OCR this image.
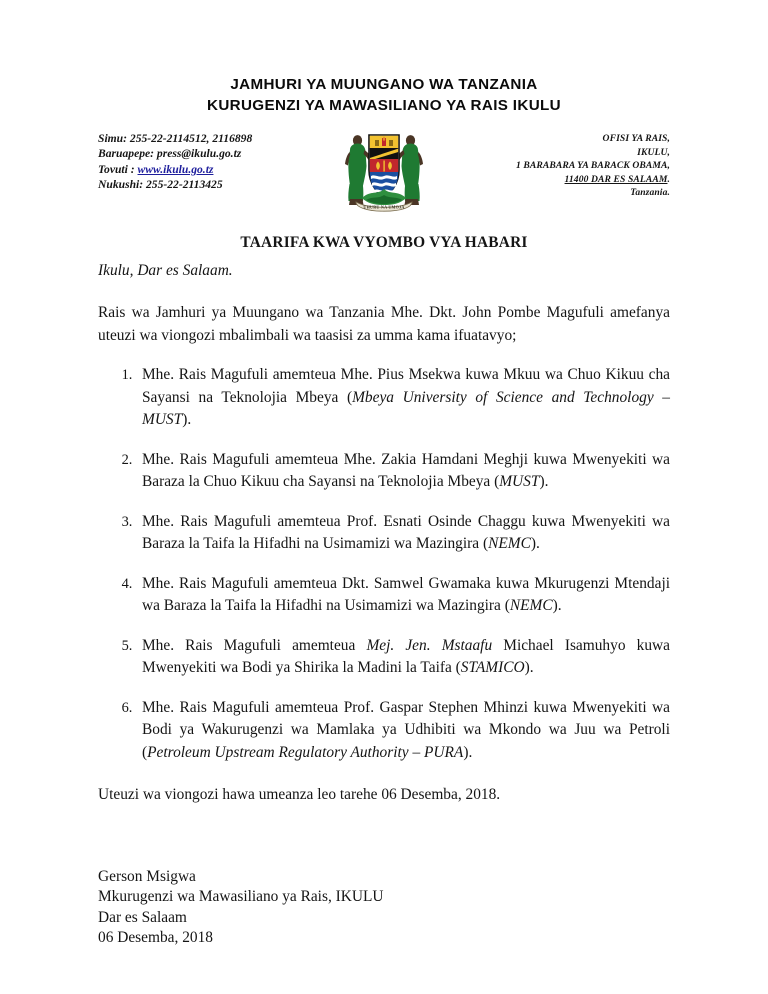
JAMHURI YA MUUNGANO WA TANZANIA
KURUGENZI YA MAWASILIANO YA RAIS IKULU
Simu: 255-22-2114512, 2116898
Baruapepe: press@ikulu.go.tz
Tovuti : www.ikulu.go.tz
Nukushi: 255-22-2113425
UHURU NA UMOJA
OFISI YA RAIS,
IKULU,
1 BARABARA YA BARACK OBAMA,
11400 DAR ES SALAAM.
Tanzania.
TAARIFA KWA VYOMBO VYA HABARI
Ikulu, Dar es Salaam.

Rais wa Jamhuri ya Muungano wa Tanzania Mhe. Dkt. John Pombe Magufuli amefanya uteuzi wa viongozi mbalimbali wa taasisi za umma kama ifuatavyo;

1. Mhe. Rais Magufuli amemteua Mhe. Pius Msekwa kuwa Mkuu wa Chuo Kikuu cha Sayansi na Teknolojia Mbeya (Mbeya University of Science and Technology – MUST).
2. Mhe. Rais Magufuli amemteua Mhe. Zakia Hamdani Meghji kuwa Mwenyekiti wa Baraza la Chuo Kikuu cha Sayansi na Teknolojia Mbeya (MUST).
3. Mhe. Rais Magufuli amemteua Prof. Esnati Osinde Chaggu kuwa Mwenyekiti wa Baraza la Taifa la Hifadhi na Usimamizi wa Mazingira (NEMC).
4. Mhe. Rais Magufuli amemteua Dkt. Samwel Gwamaka kuwa Mkurugenzi Mtendaji wa Baraza la Taifa la Hifadhi na Usimamizi wa Mazingira (NEMC).
5. Mhe. Rais Magufuli amemteua Mej. Jen. Mstaafu Michael Isamuhyo kuwa Mwenyekiti wa Bodi ya Shirika la Madini la Taifa (STAMICO).
6. Mhe. Rais Magufuli amemteua Prof. Gaspar Stephen Mhinzi kuwa Mwenyekiti wa Bodi ya Wakurugenzi wa Mamlaka ya Udhibiti wa Mkondo wa Juu wa Petroli (Petroleum Upstream Regulatory Authority – PURA).

Uteuzi wa viongozi hawa umeanza leo tarehe 06 Desemba, 2018.

Gerson Msigwa
Mkurugenzi wa Mawasiliano ya Rais, IKULU
Dar es Salaam
06 Desemba, 2018
